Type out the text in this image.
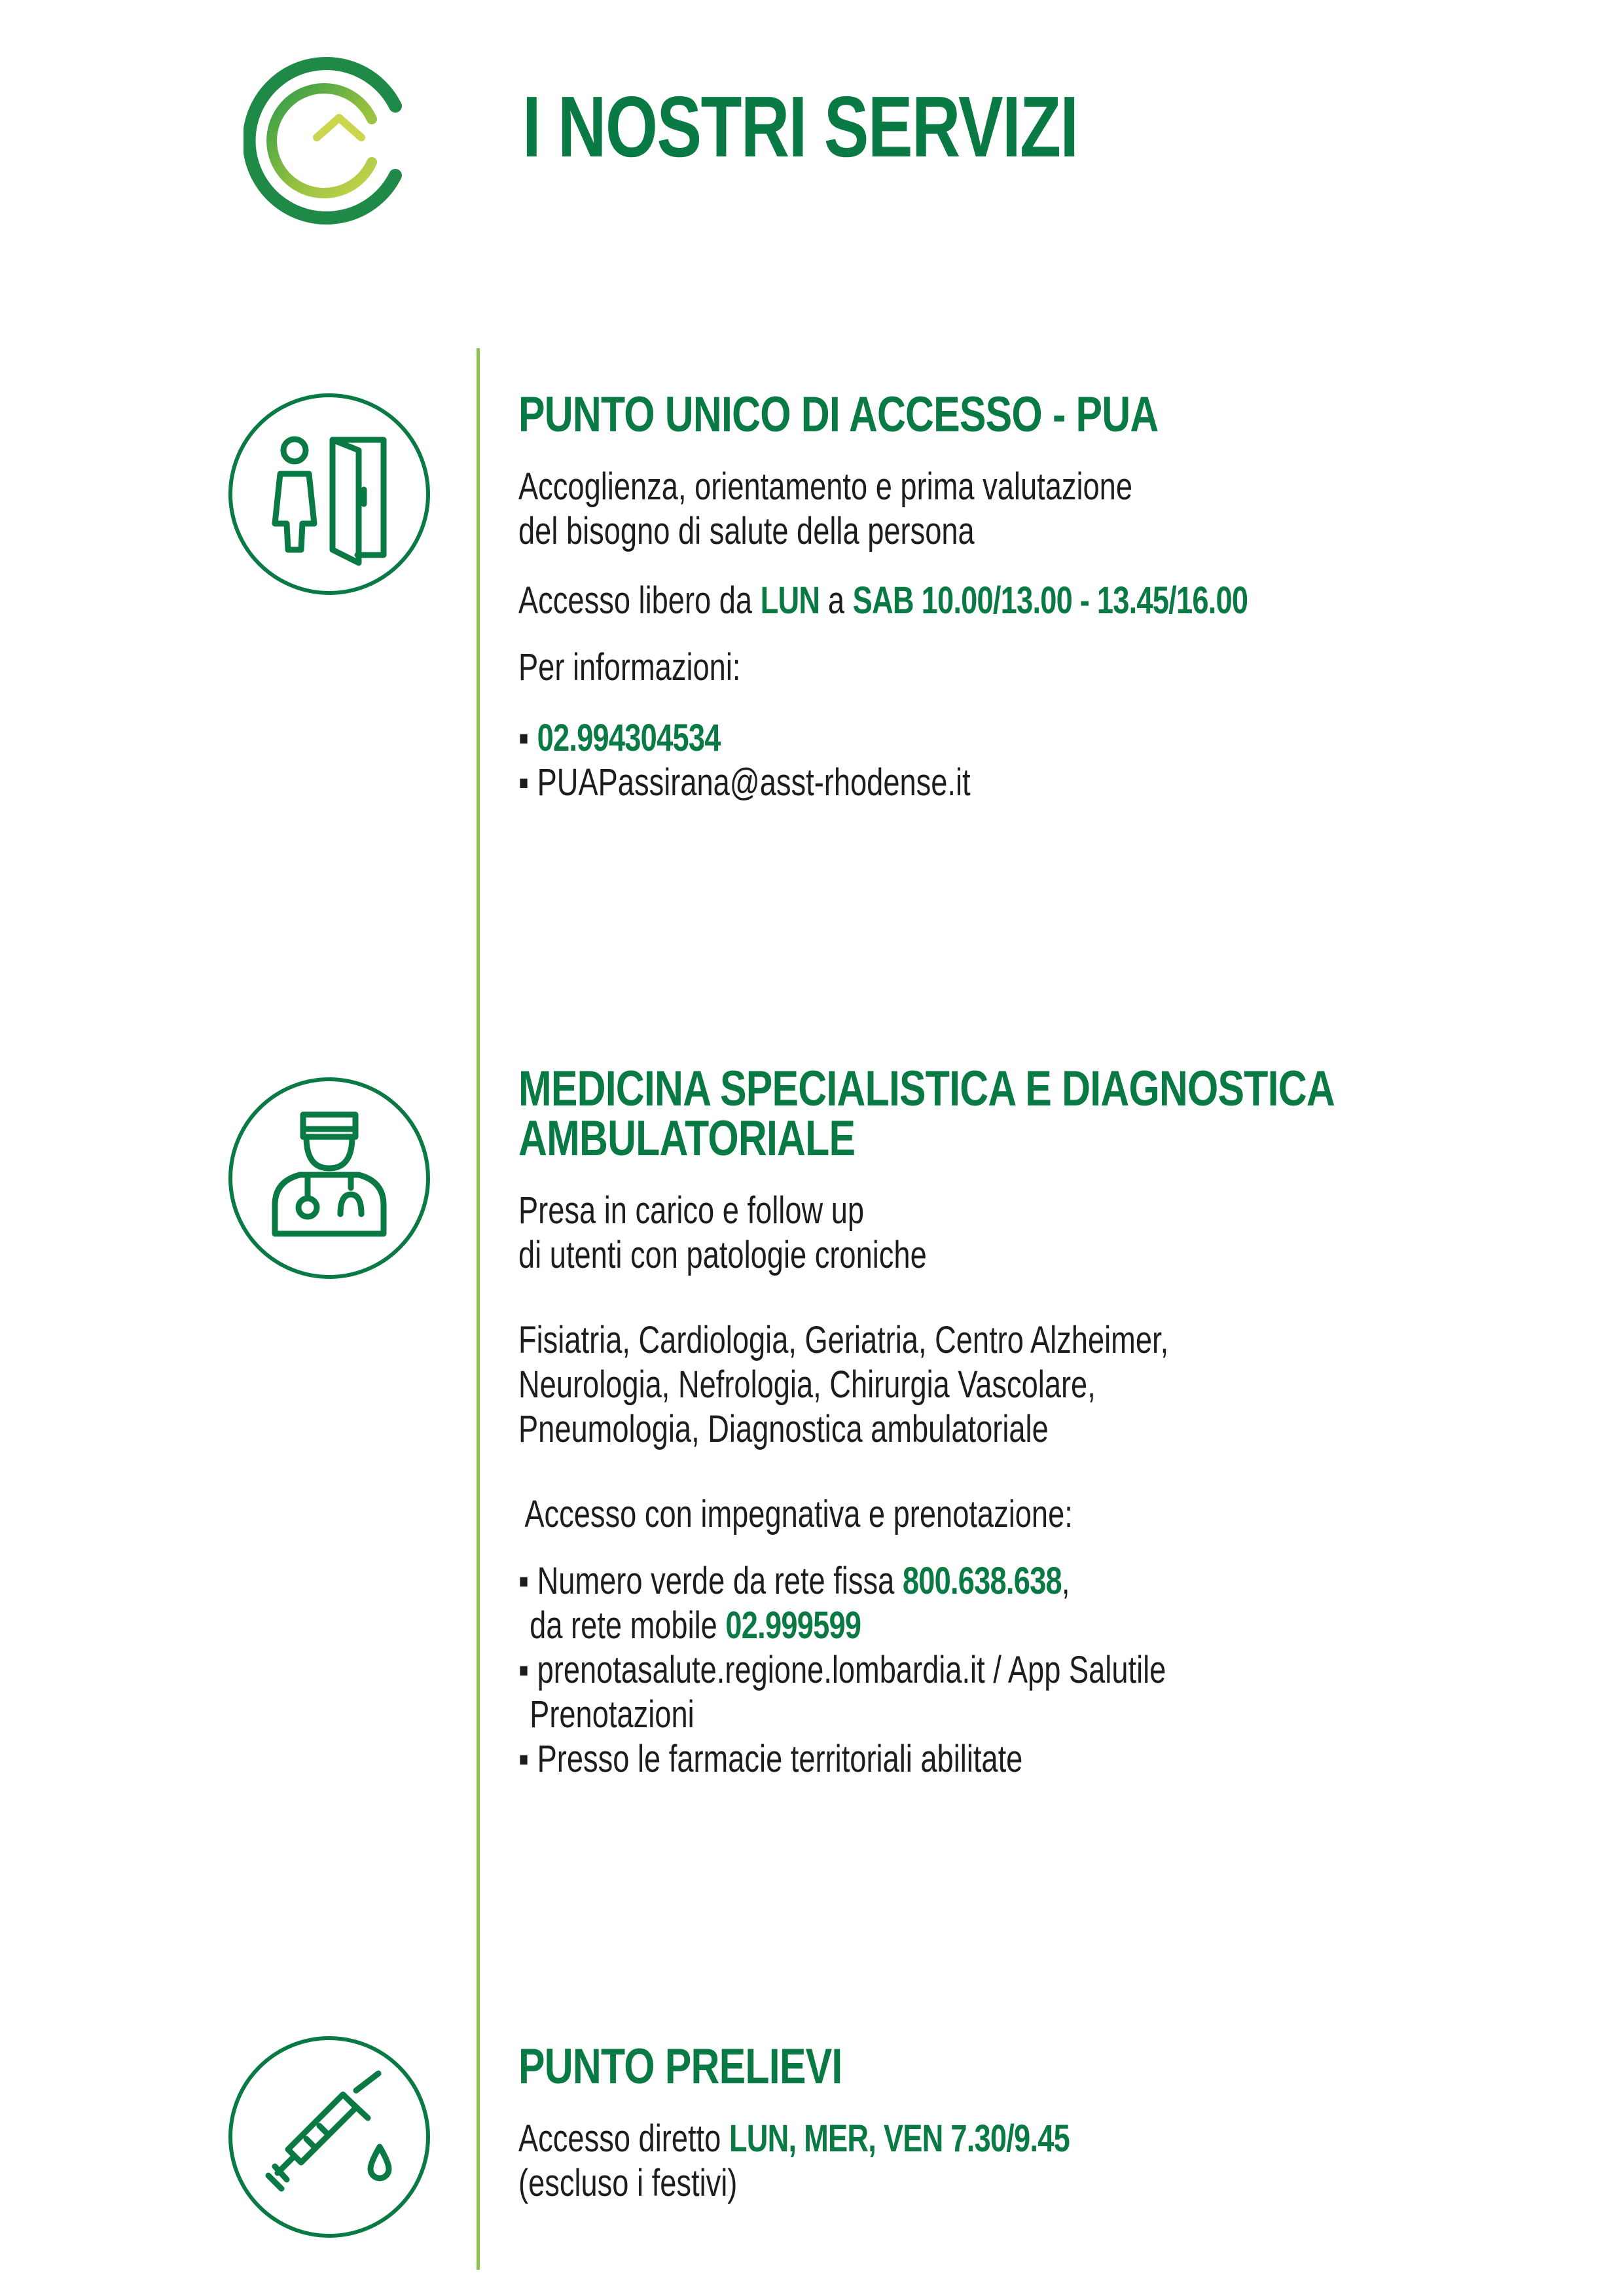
I NOSTRI SERVIZI
PUNTO UNICO DI ACCESSO - PUA

Accoglienza, orientamento e prima valutazione

del bisogno di salute della persona

Accesso libero da LUN a SAB 10.00/13.00 - 13.45/16.00

Per informazioni:

▪ 02.994304534

▪ PUAPassirana@asst-rhodense.it

MEDICINA SPECIALISTICA E DIAGNOSTICA
AMBULATORIALE

Presa in carico e follow up

di utenti con patologie croniche

Fisiatria, Cardiologia, Geriatria, Centro Alzheimer,

Neurologia, Nefrologia, Chirurgia Vascolare,

Pneumologia, Diagnostica ambulatoriale

Accesso con impegnativa e prenotazione:

▪ Numero verde da rete fissa 800.638.638,

da rete mobile 02.999599

▪ prenotasalute.regione.lombardia.it / App Salutile

Prenotazioni

▪ Presso le farmacie territoriali abilitate

PUNTO PRELIEVI

Accesso diretto LUN, MER, VEN 7.30/9.45

(escluso i festivi)
